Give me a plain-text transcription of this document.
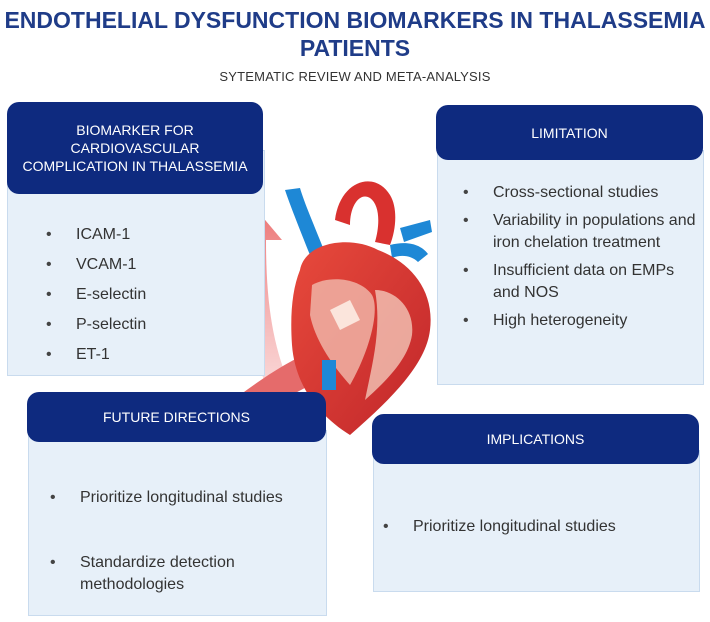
ENDOTHELIAL DYSFUNCTION BIOMARKERS IN THALASSEMIA PATIENTS
SYTEMATIC REVIEW AND META-ANALYSIS
BIOMARKER FOR CARDIOVASCULAR COMPLICATION IN THALASSEMIA
• ICAM-1
• VCAM-1
• E-selectin
• P-selectin
• ET-1
LIMITATION
• Cross-sectional studies
• Variability in populations and iron chelation treatment
• Insufficient data on EMPs and NOS
• High heterogeneity
FUTURE DIRECTIONS
• Prioritize longitudinal studies
• Standardize detection methodologies
IMPLICATIONS
• Prioritize longitudinal studies
